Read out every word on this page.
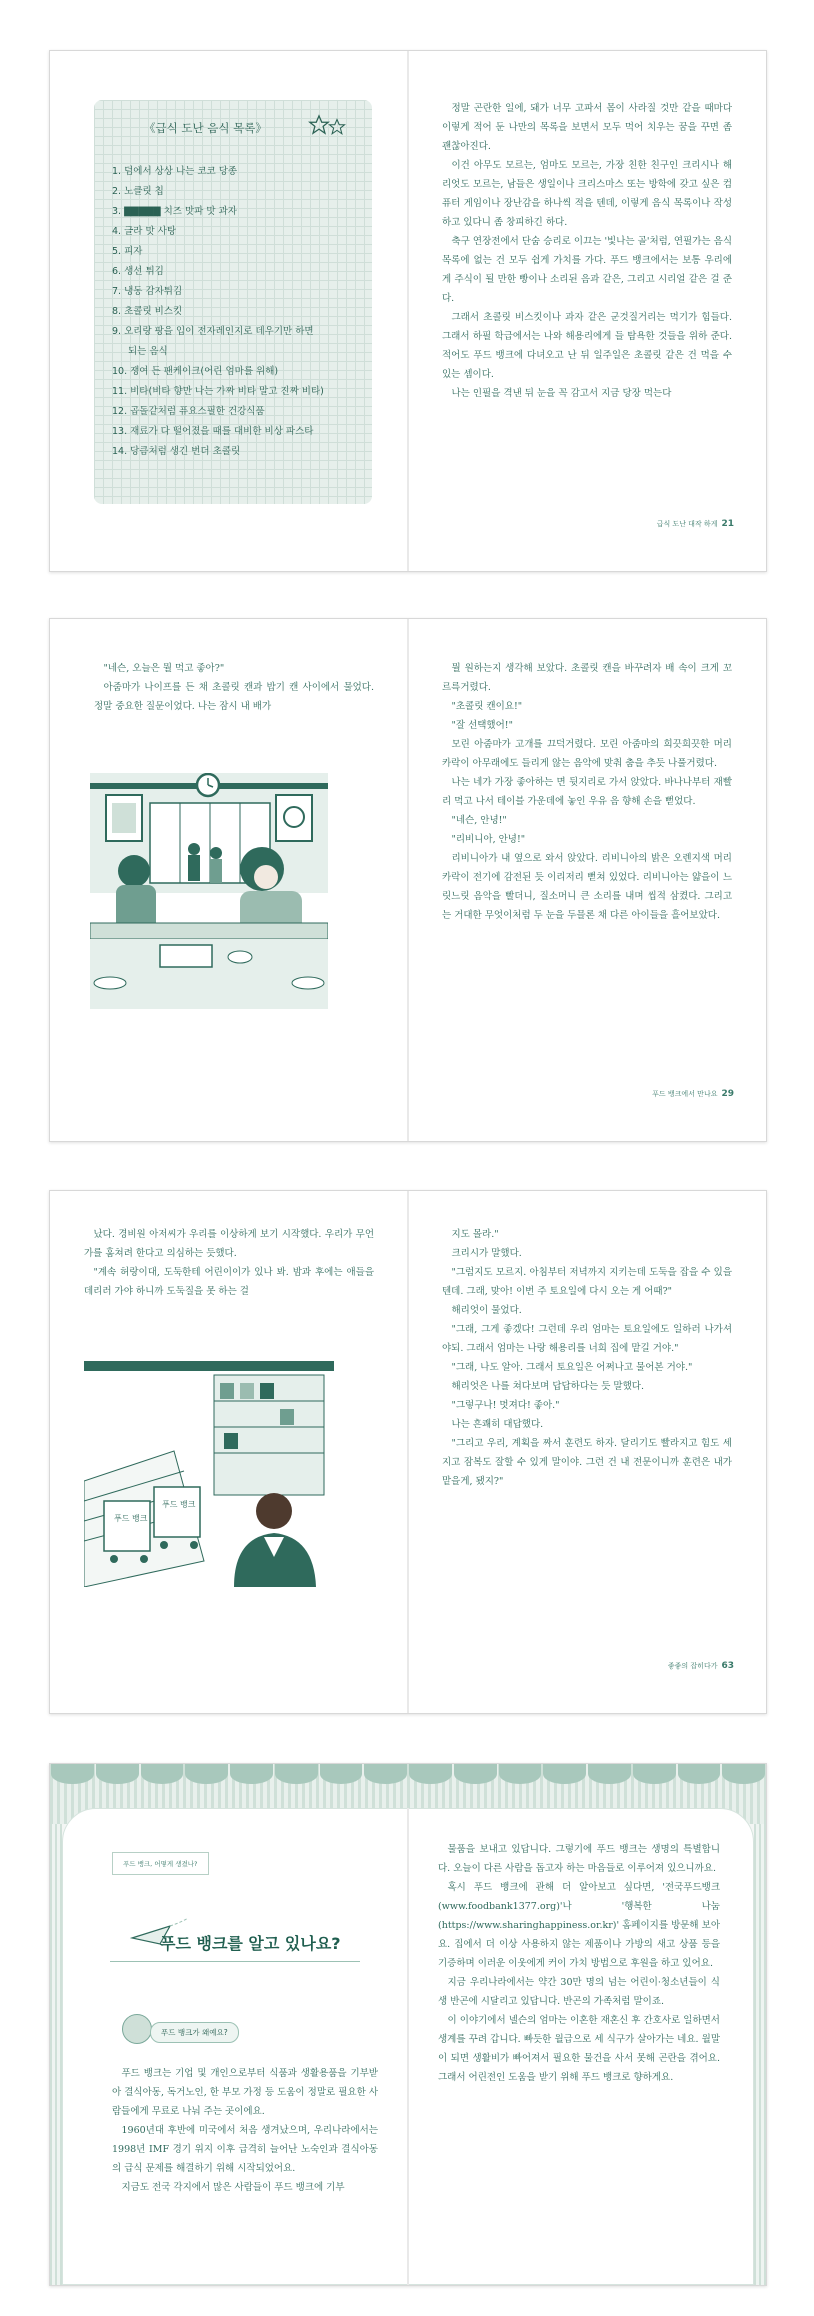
《급식 도난 음식 목록》
1. 덤에서 상상 나는 코코 당종
2. 노클릿 칩
3. ▇▇▇▇▇ 치즈 맛파 맛 과자
4. 글라 맛 사탕
5. 피자
6. 생선 튀김
7. 냉동 감자튀김
8. 초콜릿 비스킷
9. 오리랑 팡을 입이 전자레인지로 데우기만 하면
되는 음식
10. 쟁여 든 팬케이크(어린 엄마를 위해)
11. 비타(비타 향만 나는 가짜 비타 말고 진짜 비타)
12. 곱돌같처럼 퓨요스필한 건강식품
13. 재료가 다 떨어졌을 때를 대비한 비상 파스타
14. 당큼처럼 생긴 번더 초콜릿

정말 곤란한 일에, 돼가 너무 고파서 몸이 사라질 것만 같을 때마다 이렇게 적어 둔 나만의 목록을 보면서 모두 먹어 치우는 꿈을 꾸면 좀 괜찮아진다.

이건 아무도 모르는, 엄마도 모르는, 가장 친한 친구인 크리시나 해리엇도 모르는, 남들은 생일이나 크리스마스 또는 방학에 갖고 싶은 컴퓨터 게임이나 장난감을 하나씩 적을 텐데, 이렇게 음식 목록이나 작성하고 있다니 좀 창피하긴 하다.

축구 연장전에서 단숨 승리로 이끄는 '빛나는 골'처럼, 연필가는 음식 목록에 없는 건 모두 쉽게 가치를 가다. 푸드 뱅크에서는 보통 우리에게 주식이 될 만한 빵이나 소리된 음과 같은, 그리고 시리얼 같은 걸 준다.

그래서 초콜릿 비스킷이나 과자 같은 군것질거리는 먹기가 힘들다. 그래서 하필 학급에서는 나와 해용리에게 들 탐욕한 것들을 위하 준다. 적어도 푸드 뱅크에 다녀오고 난 뒤 일주일은 초콜릿 같은 건 먹을 수 있는 셈이다.

나는 인필을 격낸 뒤 눈을 꼭 감고서 지금 당장 먹는다

급식 도난 대작 하게 21

"네슨, 오늘은 뭘 먹고 좋아?"

아줌마가 나이프를 든 채 초콜릿 캔과 밥기 캔 사이에서 물었다. 정말 중요한 질문이었다. 나는 잠시 내 배가

뭘 원하는지 생각해 보았다. 초콜릿 캔을 바꾸려자 배 속이 크게 꼬르륵거렸다.

"초콜릿 캔이요!"

"잘 선택했어!"

모린 아줌마가 고개를 끄덕거렸다. 모린 아줌마의 희끗희끗한 머리카락이 아무래에도 들리게 않는 음악에 맞춰 춤을 추듯 나풀거렸다.

나는 네가 가장 좋아하는 면 뒷지리로 가서 앉았다. 바나나부터 재빨리 먹고 나서 테이블 가운데에 놓인 우유 음 향해 손을 뻗었다.

"네슨, 안녕!"

"리비니아, 안녕!"

리비니아가 내 옆으로 와서 앉았다. 리비니아의 밝은 오렌지색 머리카락이 전기에 감전된 듯 이리저리 뻗쳐 있었다. 리비니아는 얇을이 느릿느릿 음악을 빨더니, 질소머니 큰 소리를 내며 씹적 삼켰다. 그리고는 거대한 무엇이처럼 두 눈을 두믈론 채 다른 아이들을 흘어보았다.

푸드 뱅크에서 만나요 29

났다. 경비원 아저씨가 우리를 이상하게 보기 시작했다. 우리가 무언가를 훔쳐려 한다고 의심하는 듯했다.

"계속 허랑이대, 도둑한테 어린이이가 있나 봐. 밤과 후에는 애들을 데리러 가야 하니까 도둑질을 못 하는 걸

푸드 뱅크
푸드 뱅크

지도 몰라."

크리시가 말했다.

"그럼지도 모르지. 아침부터 저녁까지 지키는데 도둑을 잡을 수 있을 텐데. 그래, 맞아! 이번 주 토요일에 다시 오는 게 어때?"

해리엇이 물었다.

"그래, 그게 좋겠다! 그런데 우리 엄마는 토요일에도 일하러 나가셔야되. 그래서 엄마는 나랑 해용리를 너희 집에 맡길 거야."

"그래, 나도 알아. 그래서 토요일은 어쩌나고 물어본 거야."

해리엇은 나를 쳐다보며 답답하다는 듯 말했다.

"그렇구나! 멋져다! 좋아."

나는 흔쾌히 대답했다.

"그리고 우리, 계획을 짜서 훈련도 하자. 달리기도 빨라지고 힘도 세지고 잠복도 잘할 수 있게 말이야. 그런 건 내 전문이니까 훈련은 내가 맡을게, 됐지?"

좋좋의 잡히다가 63
푸드 뱅크, 어떻게 생겼나?
푸드 뱅크를 알고 있나요?
푸드 뱅크가 왜예요?

푸드 뱅크는 기업 및 개인으로부터 식품과 생활용품을 기부받아 결식아동, 독거노인, 한 부모 가정 등 도움이 정말로 필요한 사람들에게 무료로 나눠 주는 곳이에요.

1960년대 후반에 미국에서 처음 생겨났으며, 우리나라에서는 1998년 IMF 경기 위지 이후 급격히 늘어난 노숙인과 결식아동의 급식 문제를 해결하기 위해 시작되었어요.

지금도 전국 각지에서 많은 사람들이 푸드 뱅크에 기부

물품을 보내고 있답니다. 그렇기에 푸드 뱅크는 생명의 특별합니다. 오늘이 다른 사람을 돕고자 하는 마음들로 이루어져 있으니까요.

혹시 푸드 뱅크에 관해 더 알아보고 싶다면, '전국푸드뱅크(www.foodbank1377.org)'나 '행복한 나눔(https://www.sharinghappiness.or.kr)' 홈페이지를 방문해 보아요. 집에서 더 이상 사용하지 않는 제품이나 가방의 새고 상품 등을 기증하며 이러운 이웃에게 커이 가치 방법으로 후원을 하고 있어요.

지금 우리나라에서는 약간 30만 명의 넘는 어린이·청소년들이 식생 반곤에 시달리고 있답니다. 반곤의 가족처럼 말이죠.

이 이야기에서 넬슨의 엄마는 이혼한 재혼신 후 간호사로 일하면서 생계를 꾸려 갑니다. 빠듯한 월급으로 세 식구가 살아가는 네요. 월말이 되면 생활비가 빠어져서 필요한 물건을 사서 못해 곤란을 겪어요. 그래서 어린전인 도움을 받기 위해 푸드 뱅크로 향하게요.
